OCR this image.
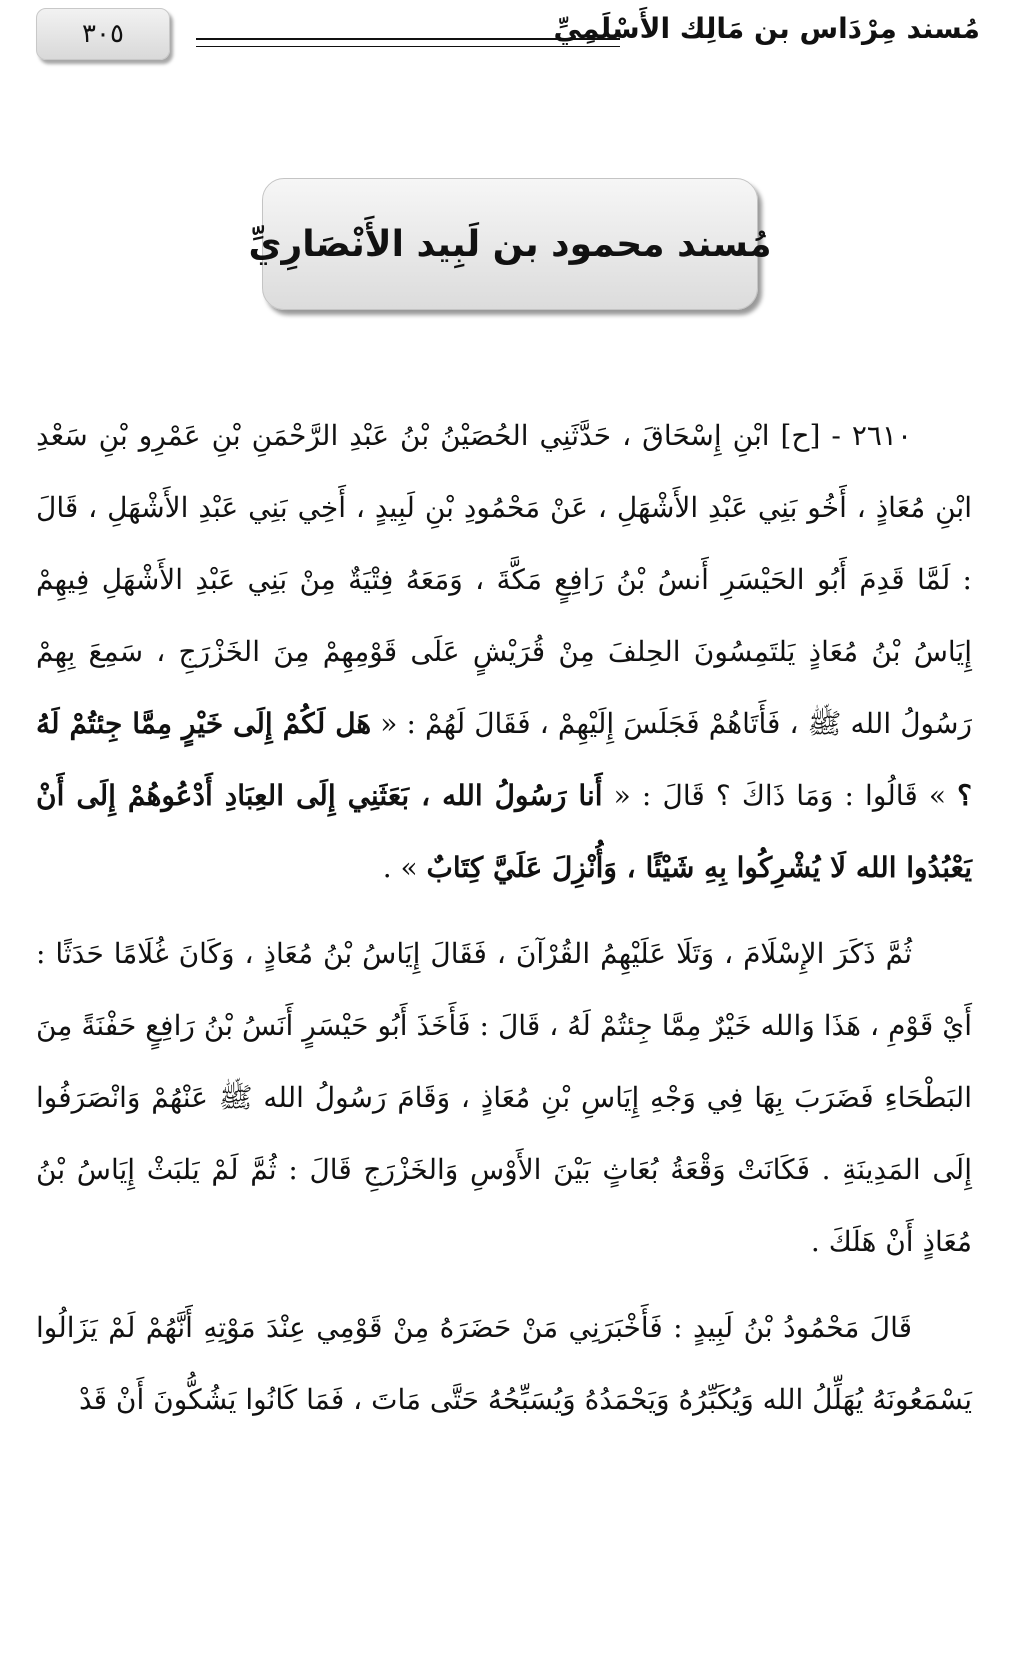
٣٠٥	مُسند مِرْدَاس بن مَالِك الأَسْلَمِيِّ
مُسند محمود بن لَبِيد الأَنْصَارِيِّ

٢٦١٠ - [ح] ابْنِ إِسْحَاقَ ، حَدَّثَنِي الحُصَيْنُ بْنُ عَبْدِ الرَّحْمَنِ بْنِ عَمْرِو بْنِ سَعْدِ ابْنِ مُعَاذٍ ، أَخُو بَنِي عَبْدِ الأَشْهَلِ ، عَنْ مَحْمُودِ بْنِ لَبِيدٍ ، أَخِي بَنِي عَبْدِ الأَشْهَلِ ، قَالَ : لَمَّا قَدِمَ أَبُو الحَيْسَرِ أَنسُ بْنُ رَافِعٍ مَكَّةَ ، وَمَعَهُ فِتْيَةٌ مِنْ بَنِي عَبْدِ الأَشْهَلِ فِيهِمْ إِيَاسُ بْنُ مُعَاذٍ يَلتَمِسُونَ الحِلفَ مِنْ قُرَيْشٍ عَلَى قَوْمِهِمْ مِنَ الخَزْرَجِ ، سَمِعَ بِهِمْ رَسُولُ الله ﷺ ، فَأَتَاهُمْ فَجَلَسَ إِلَيْهِمْ ، فَقَالَ لَهُمْ : « هَل لَكُمْ إِلَى خَيْرٍ مِمَّا جِئتُمْ لَهُ ؟ » قَالُوا : وَمَا ذَاكَ ؟ قَالَ : « أَنا رَسُولُ الله ، بَعَثَنِي إِلَى العِبَادِ أَدْعُوهُمْ إِلَى أَنْ يَعْبُدُوا الله لَا يُشْرِكُوا بِهِ شَيْئًا ، وَأُنْزِلَ عَلَيَّ كِتَابٌ » .

ثُمَّ ذَكَرَ الإِسْلَامَ ، وَتَلَا عَلَيْهِمُ القُرْآنَ ، فَقَالَ إِيَاسُ بْنُ مُعَاذٍ ، وَكَانَ غُلَامًا حَدَثًا : أَيْ قَوْمِ ، هَذَا وَالله خَيْرٌ مِمَّا جِئتُمْ لَهُ ، قَالَ : فَأَخَذَ أَبُو حَيْسَرٍ أَنَسُ بْنُ رَافِعٍ حَفْنَةً مِنَ البَطْحَاءِ فَضَرَبَ بِهَا فِي وَجْهِ إِيَاسِ بْنِ مُعَاذٍ ، وَقَامَ رَسُولُ الله ﷺ عَنْهُمْ وَانْصَرَفُوا إِلَى المَدِينَةِ . فَكَانَتْ وَقْعَةُ بُعَاثٍ بَيْنَ الأَوْسِ وَالخَزْرَجِ قَالَ : ثُمَّ لَمْ يَلبَثْ إِيَاسُ بْنُ مُعَاذٍ أَنْ هَلَكَ .

قَالَ مَحْمُودُ بْنُ لَبِيدٍ : فَأَخْبَرَنِي مَنْ حَضَرَهُ مِنْ قَوْمِي عِنْدَ مَوْتِهِ أَنَّهُمْ لَمْ يَزَالُوا يَسْمَعُونَهُ يُهَلِّلُ الله وَيُكَبِّرُهُ وَيَحْمَدُهُ وَيُسَبِّحُهُ حَتَّى مَاتَ ، فَمَا كَانُوا يَشُكُّونَ أَنْ قَدْ
